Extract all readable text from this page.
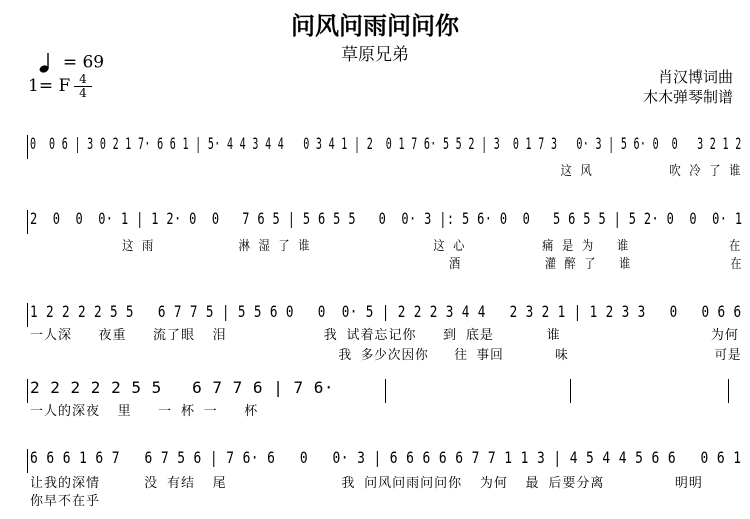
问风问雨问问你
草原兄弟

= 69

1= F 4
4
肖汉博词曲
木木弹琴制谱
0  0 6 | 3 0 2 1 7· 6 6 1 | 5· 4 4 3 4 4   0 3 4 1 | 2  0 1 7 6· 5 5 2 | 3  0 1 7 3   0· 3 | 5 6· 0  0   3 2 1 2
这 风          吹 冷 了 谁
2  0  0  0· 1 | 1 2· 0  0   7 6 5 | 5 6 5 5   0  0· 3 |: 5 6· 0  0   5 6 5 5 | 5 2· 0  0  0· 1
这 雨           淋 湿 了 谁                这 心          痛 是 为   谁             在
酒           灌 醉 了   谁             在
1 2 2 2 2 5 5   6 7 7 5 | 5 5 6 0   0  0· 5 | 2 2 2 3 4 4   2 3 2 1 | 1 2 3 3   0   0 6 6
一人深   夜重   流了眼  泪           我 试着忘记你   到 底是      谁                 为何
我 多少次因你   往 事回      味                 可是
2 2 2 2 2 5 5   6 7 7 6 | 7 6·
一人的深夜  里   一 杯 一   杯
6 6 6 1 6 7   6 7 5 6 | 7 6· 6   0   0· 3 | 6 6 6 6 6 7 7 1 1 3 | 4 5 4 4 5 6 6   0 6 1
让我的深情     没 有结  尾             我 问风问雨问问你  为何  最 后要分离        明明
你早不在乎
